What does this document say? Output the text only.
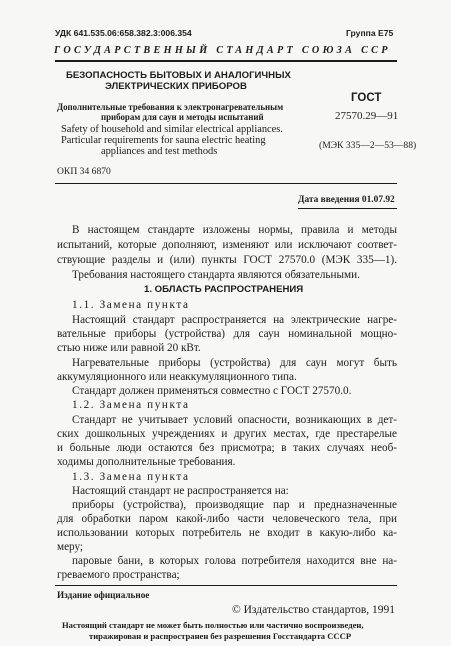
УДК 641.535.06:658.382.3:006.354	Группа Е75
ГОСУДАРСТВЕННЫЙ СТАНДАРТ СОЮЗА ССР
БЕЗОПАСНОСТЬ БЫТОВЫХ И АНАЛОГИЧНЫХ
ЭЛЕКТРИЧЕСКИХ ПРИБОРОВ
Дополнительные требования к электронагревательным
приборам для саун и методы испытаний
Safety of household and similar electrical appliances.
Particular requirements for sauna electric heating
appliances and test methods
ОКП 34 6870
ГОСТ
27570.29—91
(МЭК 335—2—53—88)
Дата введения 01.07.92
В настоящем стандарте изложены нормы, правила и методы
испытаний, которые дополняют, изменяют или исключают соответ-
ствующие разделы и (или) пункты ГОСТ 27570.0 (МЭК 335—1).
Требования настоящего стандарта являются обязательными.
1. ОБЛАСТЬ РАСПРОСТРАНЕНИЯ
1.1. Замена пункта
Настоящий стандарт распространяется на электрические нагре-
вательные приборы (устройства) для саун номинальной мощно-
стью ниже или равной 20 кВт.
Нагревательные приборы (устройства) для саун могут быть
аккумуляционного или неаккумуляционного типа.
Стандарт должен применяться совместно с ГОСТ 27570.0.
1.2. Замена пункта
Стандарт не учитывает условий опасности, возникающих в дет-
ских дошкольных учреждениях и других местах, где престарелые
и больные люди остаются без присмотра; в таких случаях необ-
ходимы дополнительные требования.
1.3. Замена пункта
Настоящий стандарт не распространяется на:
приборы (устройства), производящие пар и предназначенные
для обработки паром какой-либо части человеческого тела, при
использовании которых потребитель не входит в какую-либо ка-
меру;
паровые бани, в которых голова потребителя находится вне на-
греваемого пространства;
Издание официальное
© Издательство стандартов, 1991
Настоящий стандарт не может быть полностью или частично воспроизведен,
тиражирован и распространен без разрешения Госстандарта СССР
